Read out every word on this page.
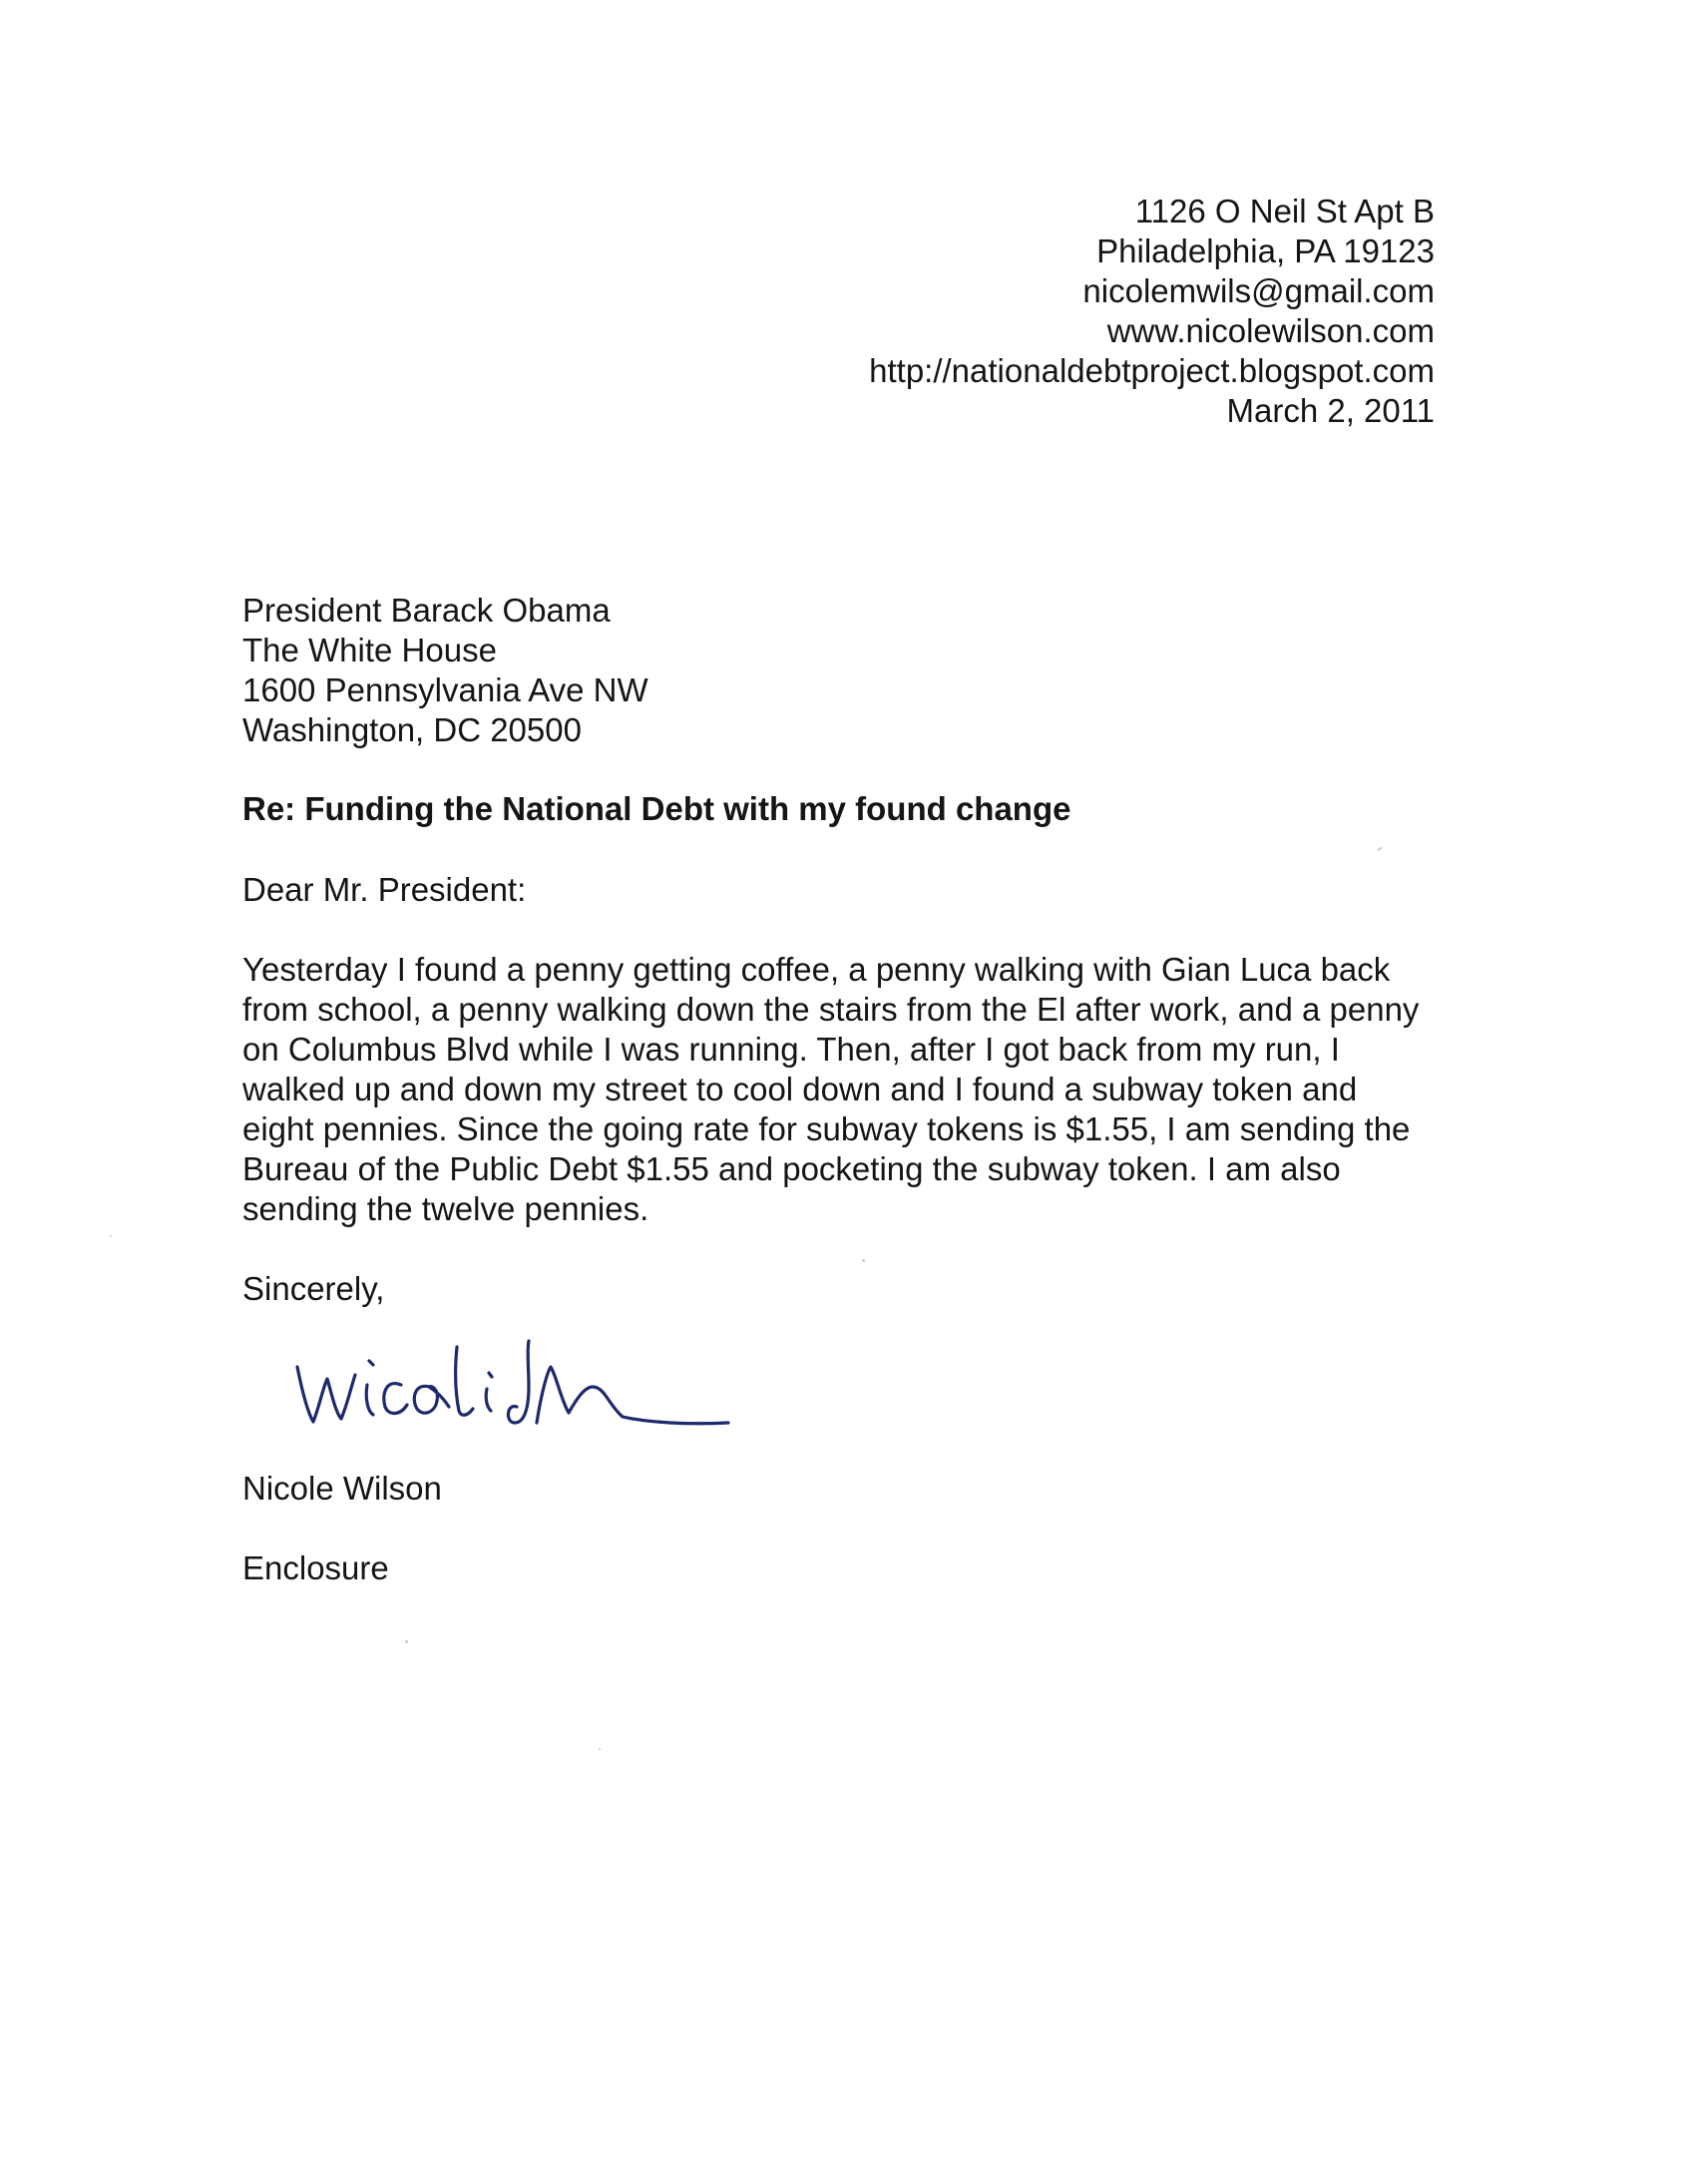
1126 O Neil St Apt B
Philadelphia, PA 19123
nicolemwils@gmail.com
www.nicolewilson.com
http://nationaldebtproject.blogspot.com
March 2, 2011
President Barack Obama
The White House
1600 Pennsylvania Ave NW
Washington, DC 20500
Re: Funding the National Debt with my found change
Dear Mr. President:
Yesterday I found a penny getting coffee, a penny walking with Gian Luca back
from school, a penny walking down the stairs from the El after work, and a penny
on Columbus Blvd while I was running. Then, after I got back from my run, I
walked up and down my street to cool down and I found a subway token and
eight pennies. Since the going rate for subway tokens is $1.55, I am sending the
Bureau of the Public Debt $1.55 and pocketing the subway token. I am also
sending the twelve pennies.
Sincerely,
Nicole Wilson
Enclosure
